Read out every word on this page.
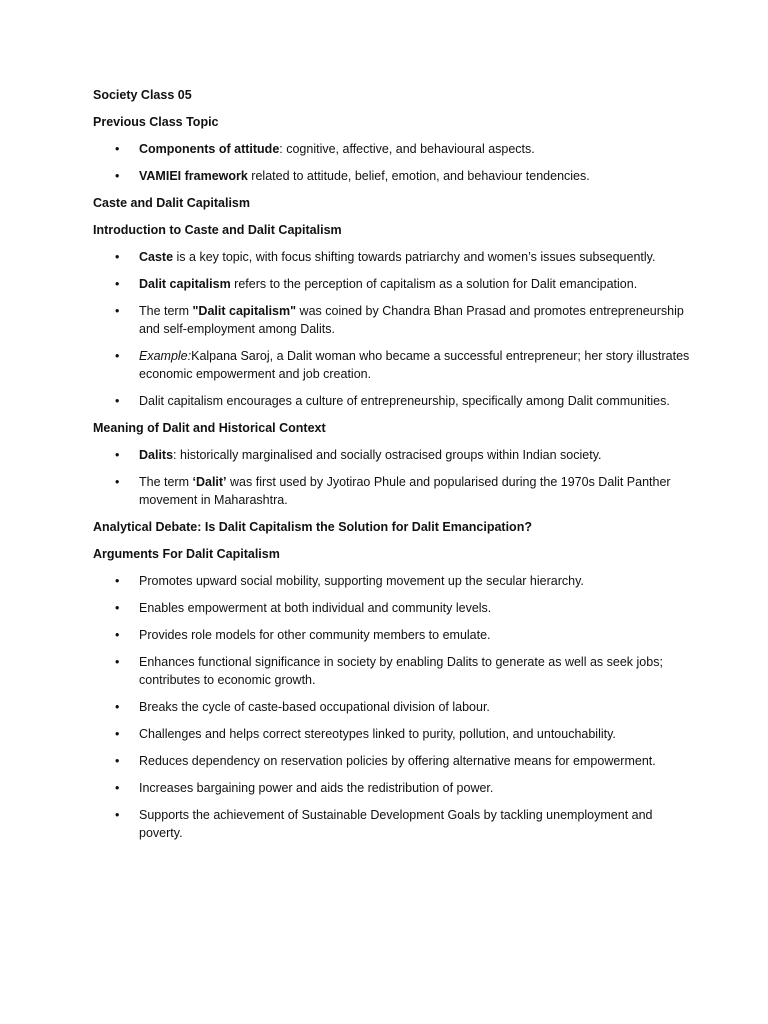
Society Class 05
Previous Class Topic
• Components of attitude: cognitive, affective, and behavioural aspects.
• VAMIEI framework related to attitude, belief, emotion, and behaviour tendencies.
Caste and Dalit Capitalism
Introduction to Caste and Dalit Capitalism
• Caste is a key topic, with focus shifting towards patriarchy and women’s issues subsequently.
• Dalit capitalism refers to the perception of capitalism as a solution for Dalit emancipation.
• The term "Dalit capitalism" was coined by Chandra Bhan Prasad and promotes entrepreneurship and self-employment among Dalits.
• Example:Kalpana Saroj, a Dalit woman who became a successful entrepreneur; her story illustrates economic empowerment and job creation.
• Dalit capitalism encourages a culture of entrepreneurship, specifically among Dalit communities.
Meaning of Dalit and Historical Context
• Dalits: historically marginalised and socially ostracised groups within Indian society.
• The term ‘Dalit’ was first used by Jyotirao Phule and popularised during the 1970s Dalit Panther movement in Maharashtra.
Analytical Debate: Is Dalit Capitalism the Solution for Dalit Emancipation?
Arguments For Dalit Capitalism
• Promotes upward social mobility, supporting movement up the secular hierarchy.
• Enables empowerment at both individual and community levels.
• Provides role models for other community members to emulate.
• Enhances functional significance in society by enabling Dalits to generate as well as seek jobs; contributes to economic growth.
• Breaks the cycle of caste-based occupational division of labour.
• Challenges and helps correct stereotypes linked to purity, pollution, and untouchability.
• Reduces dependency on reservation policies by offering alternative means for empowerment.
• Increases bargaining power and aids the redistribution of power.
• Supports the achievement of Sustainable Development Goals by tackling unemployment and poverty.
